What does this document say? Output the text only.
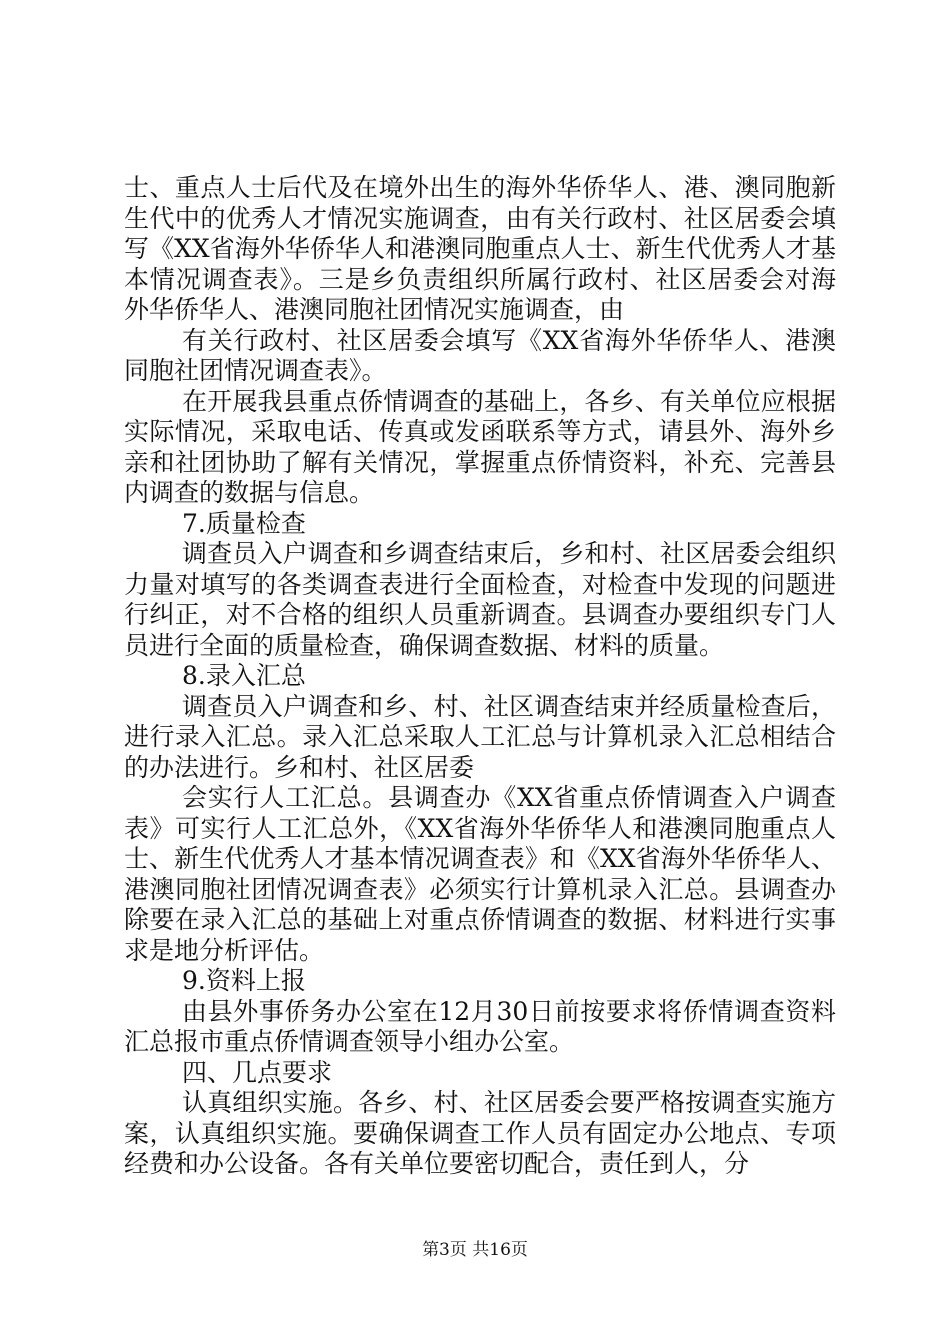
士、重点人士后代及在境外出生的海外华侨华人、港、澳同胞新生代中的优秀人才情况实施调查，由有关行政村、社区居委会填写《XX省海外华侨华人和港澳同胞重点人士、新生代优秀人才基本情况调查表》。三是乡负责组织所属行政村、社区居委会对海外华侨华人、港澳同胞社团情况实施调查，由

有关行政村、社区居委会填写《XX省海外华侨华人、港澳同胞社团情况调查表》。

在开展我县重点侨情调查的基础上，各乡、有关单位应根据实际情况，采取电话、传真或发函联系等方式，请县外、海外乡亲和社团协助了解有关情况，掌握重点侨情资料，补充、完善县内调查的数据与信息。

7.质量检查

调查员入户调查和乡调查结束后，乡和村、社区居委会组织力量对填写的各类调查表进行全面检查，对检查中发现的问题进行纠正，对不合格的组织人员重新调查。县调查办要组织专门人员进行全面的质量检查，确保调查数据、材料的质量。

8.录入汇总

调查员入户调查和乡、村、社区调查结束并经质量检查后，进行录入汇总。录入汇总采取人工汇总与计算机录入汇总相结合的办法进行。乡和村、社区居委

会实行人工汇总。县调查办《XX省重点侨情调查入户调查表》可实行人工汇总外，《XX省海外华侨华人和港澳同胞重点人士、新生代优秀人才基本情况调查表》和《XX省海外华侨华人、港澳同胞社团情况调查表》必须实行计算机录入汇总。县调查办除要在录入汇总的基础上对重点侨情调查的数据、材料进行实事求是地分析评估。

9.资料上报

由县外事侨务办公室在12月30日前按要求将侨情调查资料汇总报市重点侨情调查领导小组办公室。

四、几点要求

认真组织实施。各乡、村、社区居委会要严格按调查实施方案，认真组织实施。要确保调查工作人员有固定办公地点、专项经费和办公设备。各有关单位要密切配合，责任到人，分

第3页 共16页
